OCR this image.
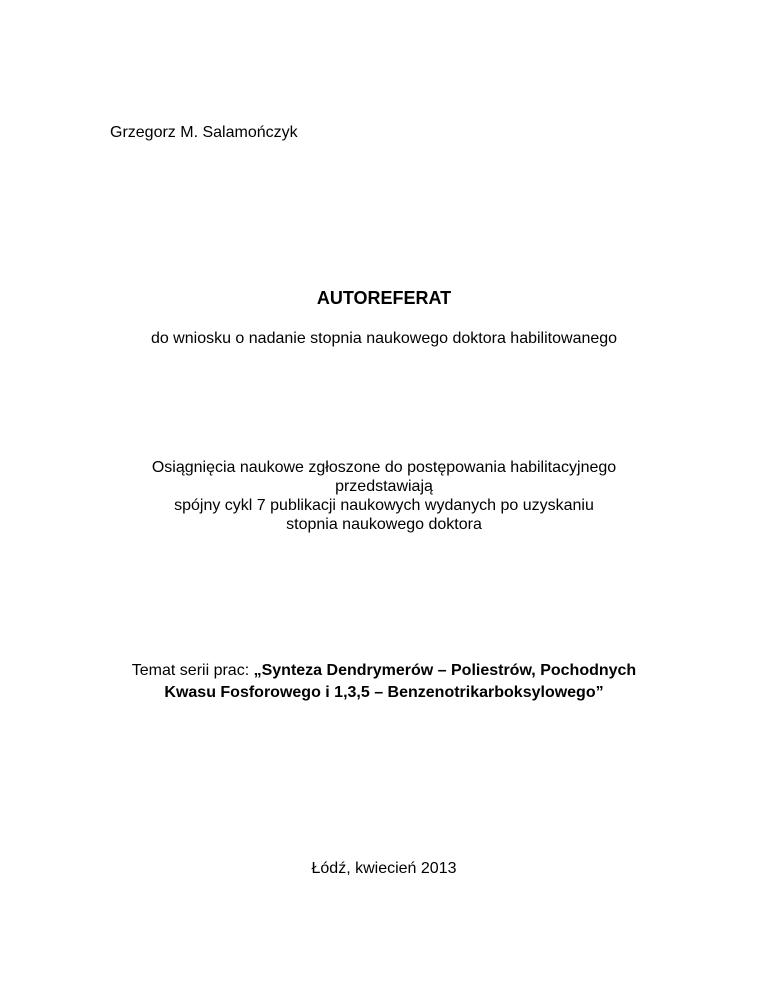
Grzegorz M. Salamończyk
AUTOREFERAT
do wniosku o nadanie stopnia naukowego doktora habilitowanego
Osiągnięcia naukowe zgłoszone do postępowania habilitacyjnego
przedstawiają
spójny cykl 7 publikacji naukowych wydanych po uzyskaniu
stopnia naukowego doktora
Temat serii prac: „Synteza Dendrymerów – Poliestrów, Pochodnych
Kwasu Fosforowego i 1,3,5 – Benzenotrikarboksylowego”
Łódź, kwiecień 2013
